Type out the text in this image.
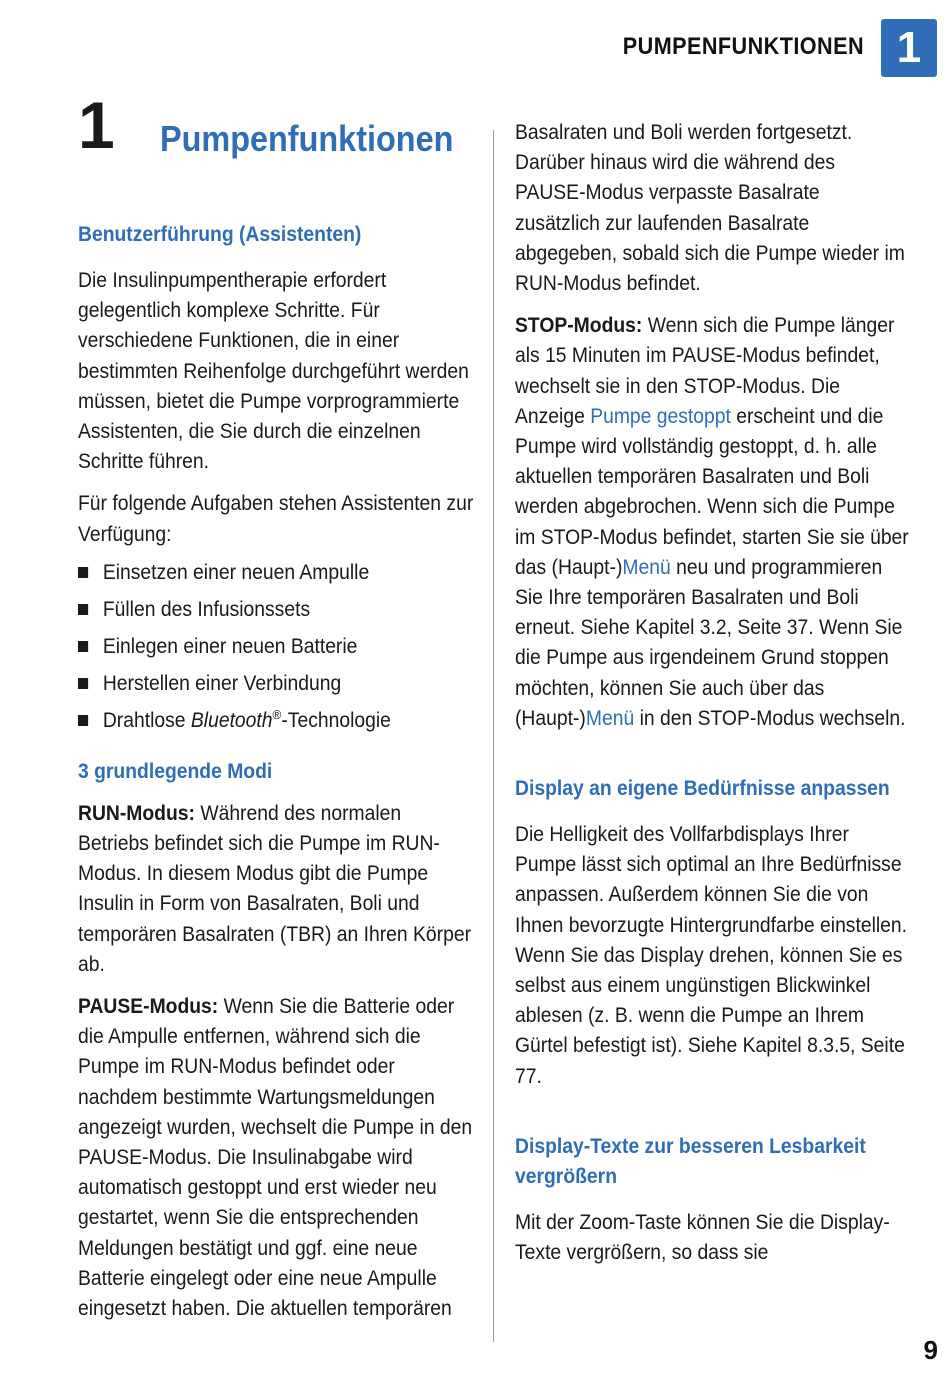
PUMPENFUNKTIONEN 1
1 Pumpenfunktionen
Benutzerführung (Assistenten)

Die Insulinpumpentherapie erfordert gelegentlich komplexe Schritte. Für verschiedene Funktionen, die in einer bestimmten Reihenfolge durchgeführt werden müssen, bietet die Pumpe vorprogrammierte Assistenten, die Sie durch die einzelnen Schritte führen.

Für folgende Aufgaben stehen Assistenten zur Verfügung:

Einsetzen einer neuen Ampulle
Füllen des Infusionssets
Einlegen einer neuen Batterie
Herstellen einer Verbindung
Drahtlose Bluetooth®-Technologie
3 grundlegende Modi

RUN-Modus: Während des normalen Betriebs befindet sich die Pumpe im RUN-Modus. In diesem Modus gibt die Pumpe Insulin in Form von Basalraten, Boli und temporären Basalraten (TBR) an Ihren Körper ab.

PAUSE-Modus: Wenn Sie die Batterie oder die Ampulle entfernen, während sich die Pumpe im RUN-Modus befindet oder nachdem bestimmte Wartungsmeldungen angezeigt wurden, wechselt die Pumpe in den PAUSE-Modus. Die Insulinabgabe wird automatisch gestoppt und erst wieder neu gestartet, wenn Sie die entsprechenden Meldungen bestätigt und ggf. eine neue Batterie eingelegt oder eine neue Ampulle eingesetzt haben. Die aktuellen temporären

Basalraten und Boli werden fortgesetzt. Darüber hinaus wird die während des PAUSE-Modus verpasste Basalrate zusätzlich zur laufenden Basalrate abgegeben, sobald sich die Pumpe wieder im RUN-Modus befindet.

STOP-Modus: Wenn sich die Pumpe länger als 15 Minuten im PAUSE-Modus befindet, wechselt sie in den STOP-Modus. Die Anzeige Pumpe gestoppt erscheint und die Pumpe wird vollständig gestoppt, d. h. alle aktuellen temporären Basalraten und Boli werden abgebrochen. Wenn sich die Pumpe im STOP-Modus befindet, starten Sie sie über das (Haupt-)Menü neu und programmieren Sie Ihre temporären Basalraten und Boli erneut. Siehe Kapitel 3.2, Seite 37. Wenn Sie die Pumpe aus irgendeinem Grund stoppen möchten, können Sie auch über das (Haupt-)Menü in den STOP-Modus wechseln.

Display an eigene Bedürfnisse anpassen

Die Helligkeit des Vollfarbdisplays Ihrer Pumpe lässt sich optimal an Ihre Bedürfnisse anpassen. Außerdem können Sie die von Ihnen bevorzugte Hintergrundfarbe einstellen. Wenn Sie das Display drehen, können Sie es selbst aus einem ungünstigen Blickwinkel ablesen (z. B. wenn die Pumpe an Ihrem Gürtel befestigt ist). Siehe Kapitel 8.3.5, Seite 77.

Display-Texte zur besseren Lesbarkeit vergrößern

Mit der Zoom-Taste können Sie die Display-Texte vergrößern, so dass sie

9
